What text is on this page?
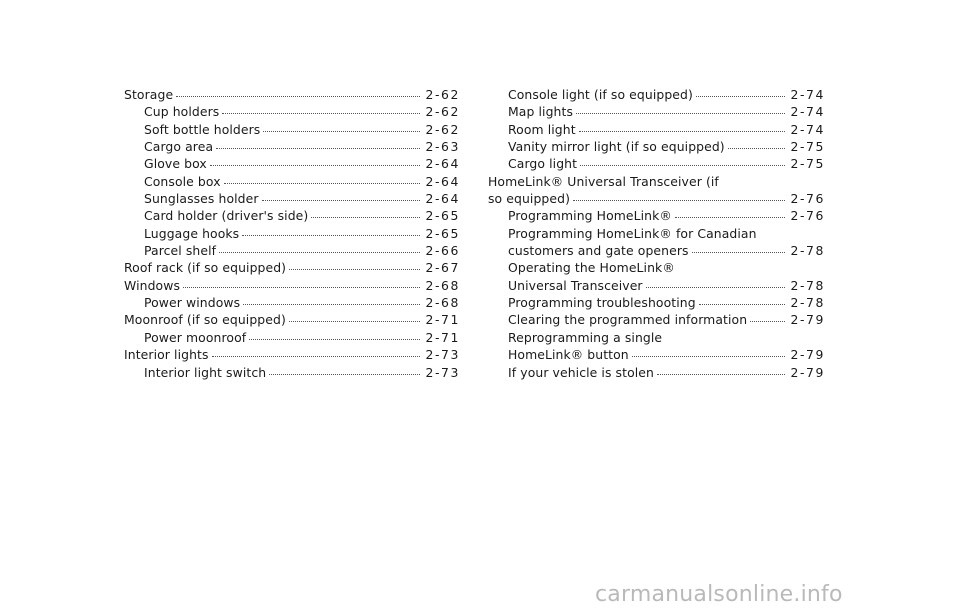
Storage	2-62
Cup holders	2-62
Soft bottle holders	2-62
Cargo area	2-63
Glove box	2-64
Console box	2-64
Sunglasses holder	2-64
Card holder (driver's side)	2-65
Luggage hooks	2-65
Parcel shelf	2-66
Roof rack (if so equipped)	2-67
Windows	2-68
Power windows	2-68
Moonroof (if so equipped)	2-71
Power moonroof	2-71
Interior lights	2-73
Interior light switch	2-73
Console light (if so equipped)	2-74
Map lights	2-74
Room light	2-74
Vanity mirror light (if so equipped)	2-75
Cargo light	2-75
HomeLink® Universal Transceiver (if
so equipped)	2-76
Programming HomeLink®	2-76
Programming HomeLink® for Canadian
customers and gate openers	2-78
Operating the HomeLink®
Universal Transceiver	2-78
Programming troubleshooting	2-78
Clearing the programmed information	2-79
Reprogramming a single
HomeLink® button	2-79
If your vehicle is stolen	2-79
carmanualsonline.info
